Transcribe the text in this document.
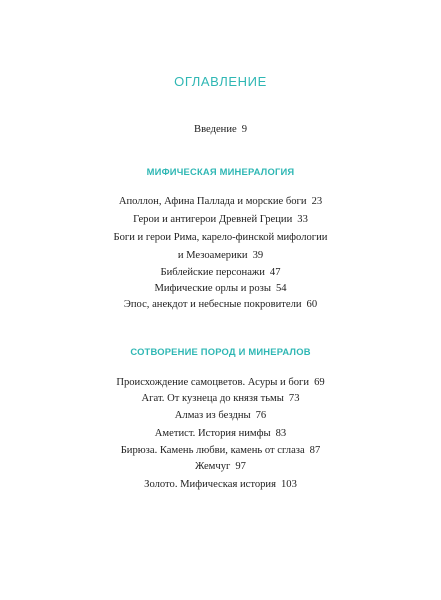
ОГЛАВЛЕНИЕ
Введение 9
МИФИЧЕСКАЯ МИНЕРАЛОГИЯ
Аполлон, Афина Паллада и морские боги 23
Герои и антигерои Древней Греции 33
Боги и герои Рима, карело-финской мифологии
и Мезоамерики 39
Библейские персонажи 47
Мифические орлы и розы 54
Эпос, анекдот и небесные покровители 60
СОТВОРЕНИЕ ПОРОД И МИНЕРАЛОВ
Происхождение самоцветов. Асуры и боги 69
Агат. От кузнеца до князя тьмы 73
Алмаз из бездны 76
Аметист. История нимфы 83
Бирюза. Камень любви, камень от сглаза 87
Жемчуг 97
Золото. Мифическая история 103
